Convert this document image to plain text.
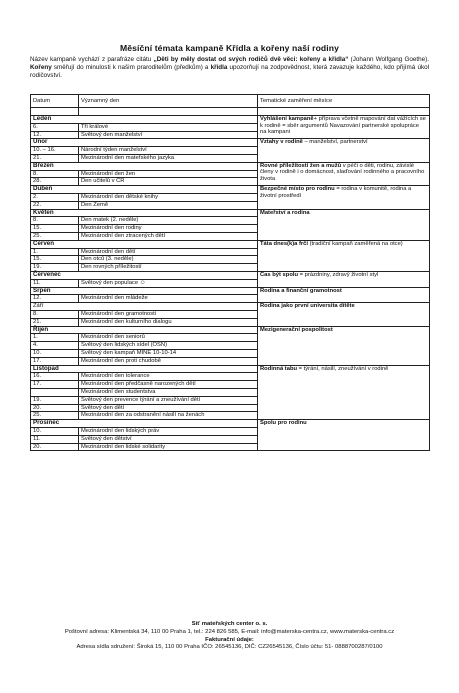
Měsíční témata kampaně Křídla a kořeny naší rodiny
Název kampaně vychází z parafráze citátu „Děti by měly dostat od svých rodičů dvě věci: kořeny a křídla“ (Johann Wolfgang Goethe). Kořeny směřují do minulosti k našim praroditelům (předkům) a křídla upozorňují na zodpovědnost, která zavazuje každého, kdo přijímá úkol rodičovství.
Datum	Významný den	Tematické zaměření měsíce

Leden		Vyhlášení kampaně+ příprava včetně mapování dat vážících se k rodině = sběr argumentů Navazování partnerské spolupráce na kampani
6.	Tři králové	
12.	Světový den manželství	
Unor		Vztahy v rodině – manželství, partnerství
10. – 16.	Národní týden manželství	
21.	Mezinárodní den mateřského jazyka	
Březen		Rovné příležitosti žen a mužů v péči o děti, rodinu, závislé členy v rodině i o domácnost, slaďování rodinného a pracovního života
8.	Mezinárodní den žen	
28.	Den učitelů v ČR	
Duben		Bezpečné místo pro rodinu = rodina v komunitě, rodina a životní prostředí
2.	Mezinárodní den dětské knihy	
22.	Den Země	
Květen		Mateřství a rodina
8.	Den matek (2. neděle)	
15.	Mezinárodní den rodiny	
25.	Mezinárodní den ztracených dětí	
Cerven		Táta dnes(k)a frčí (tradiční kampaň zaměřená na otce)
1.	Mezinárodní den dětí	
15.	Den otců (3. neděle)	
19.	Den rovných příležitostí	
Červenec		Čas být spolu = prázdniny, zdravý životní styl
11.	Světový den populace ☺	
Srpen		Rodina a finanční gramotnost
12.	Mezinárodní den mládeže	
Září		Rodina jako první universita dítěte
8.	Mezinárodní den gramotnosti	
21.	Mezinárodní den kulturního dialogu	
Říjen		Mezigenerační pospolitost
1.	Mezinárodní den seniorů	
4.	Světový den lidských sídel (OSN)	
10.	Světový den kampaň MINE 10-10-14	
17.	Mezinárodní den proti chudobě	
Listopad		Rodinná tabu = týrání, násilí, zneužívání v rodině
16.	Mezinárodní den tolerance	
17.	Mezinárodní den předčasně narozených dětí	
	Mezinárodní den studentstva	
19.	Světový den prevence týrání a zneužívání dětí	
20.	Světový den dětí	
25.	Mezinárodní den za odstranění násilí na ženách	
Prosinec		Spolu pro rodinu
10.	Mezinárodní den lidských práv	
11.	Světový den dětství	
20.	Mezinárodní den lidské solidarity	
Síť mateřských center o. s.
Poštovní adresa: Klimentská 34, 110 00 Praha 1, tel.: 224 826 585, E-mail: info@materska-centra.cz, www.materska-centra.cz
Fakturační údaje:
Adresa sídla sdružení: Široká 15, 110 00 Praha IČO: 26545136, DIČ: CZ26545136, Číslo účtu: 51- 0888700287/0100
